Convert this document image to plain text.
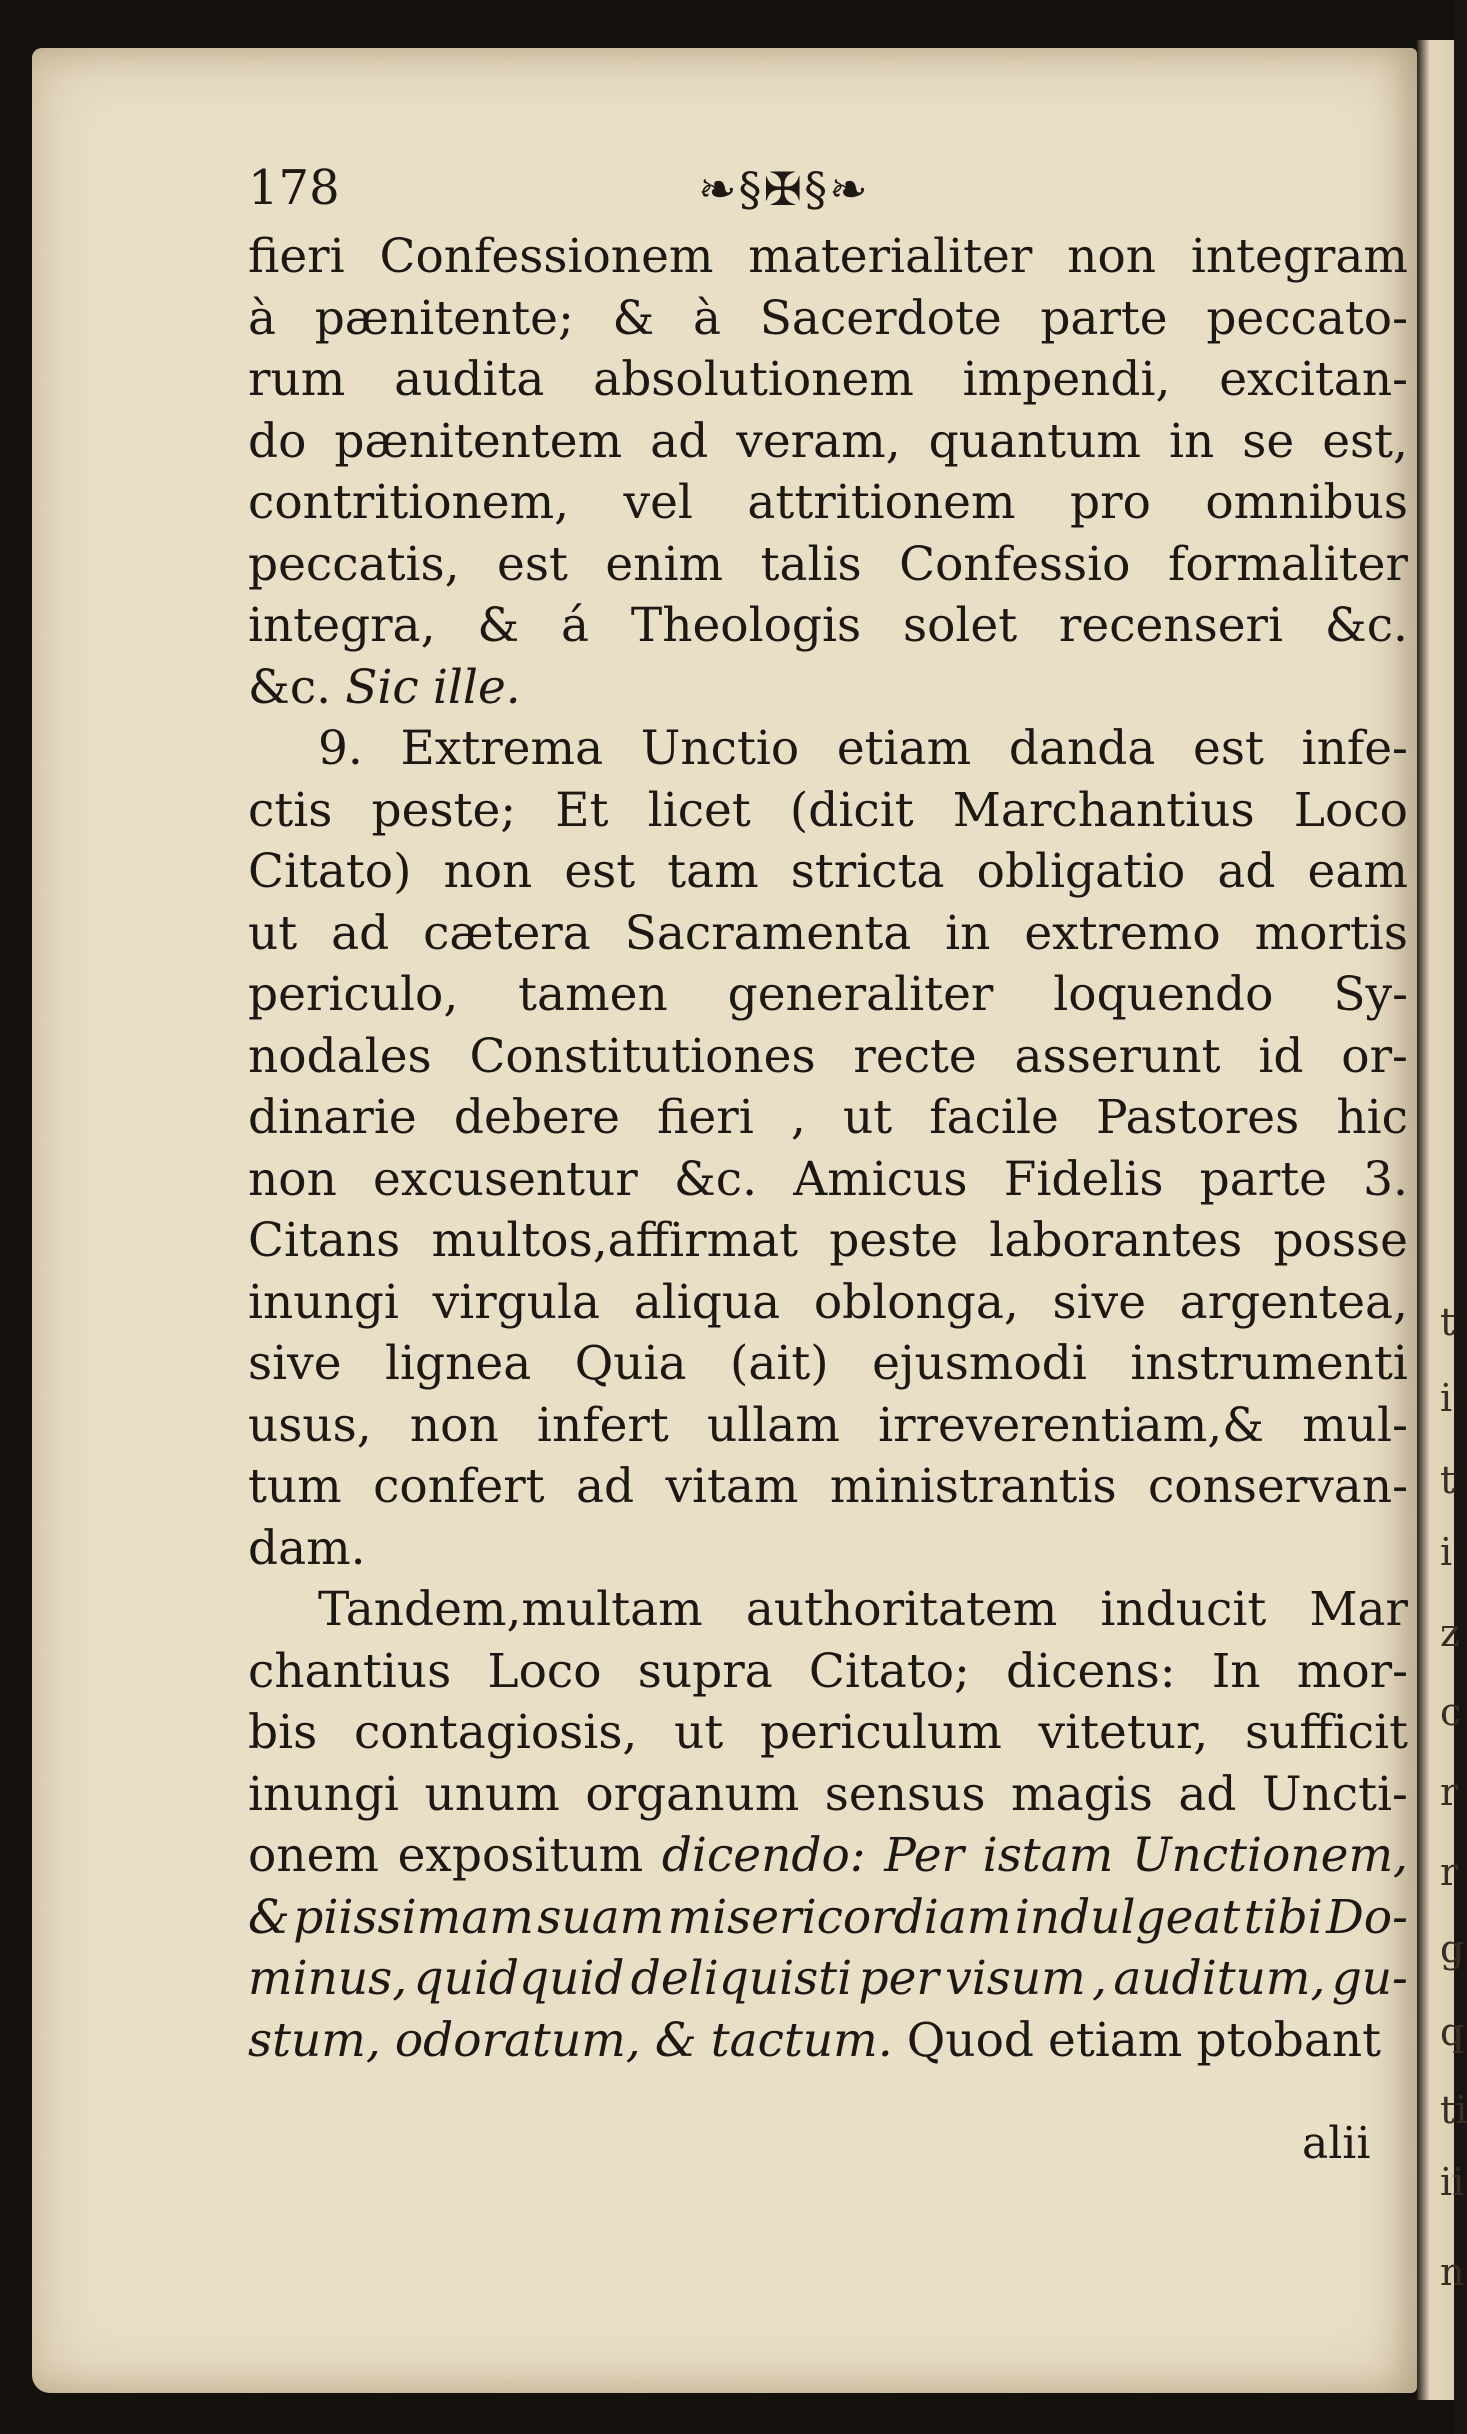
178	❧§✠§❧
fieri Confessionem materialiter non integram
à pænitente; & à Sacerdote parte peccato-
rum audita absolutionem impendi, excitan-
do pænitentem ad veram, quantum in se est,
contritionem, vel attritionem pro omnibus
peccatis, est enim talis Confessio formaliter
integra, & á Theologis solet recenseri &c.
&c. Sic ille.
9. Extrema Unctio etiam danda est infe-
ctis peste; Et licet (dicit Marchantius Loco
Citato) non est tam stricta obligatio ad eam
ut ad cætera Sacramenta in extremo mortis
periculo, tamen generaliter loquendo Sy-
nodales Constitutiones recte asserunt id or-
dinarie debere fieri , ut facile Pastores hic
non excusentur &c. Amicus Fidelis parte 3.
Citans multos,affirmat peste laborantes posse
inungi virgula aliqua oblonga, sive argentea,
sive lignea Quia (ait) ejusmodi instrumenti
usus, non infert ullam irreverentiam,& mul-
tum confert ad vitam ministrantis conservan-
dam.
Tandem,multam authoritatem inducit Mar
chantius Loco supra Citato; dicens: In mor-
bis contagiosis, ut periculum vitetur, sufficit
inungi unum organum sensus magis ad Uncti-
onem expositum dicendo: Per istam Unctionem,
& piissimam suam misericordiam indulgeat tibi Do-
minus, quidquid deliquisti per visum , auditum, gu-
stum, odoratum, & tactum. Quod etiam ptobant
alii
t
i
t
i
z
c
r
r
g
q
ti
ii
n
